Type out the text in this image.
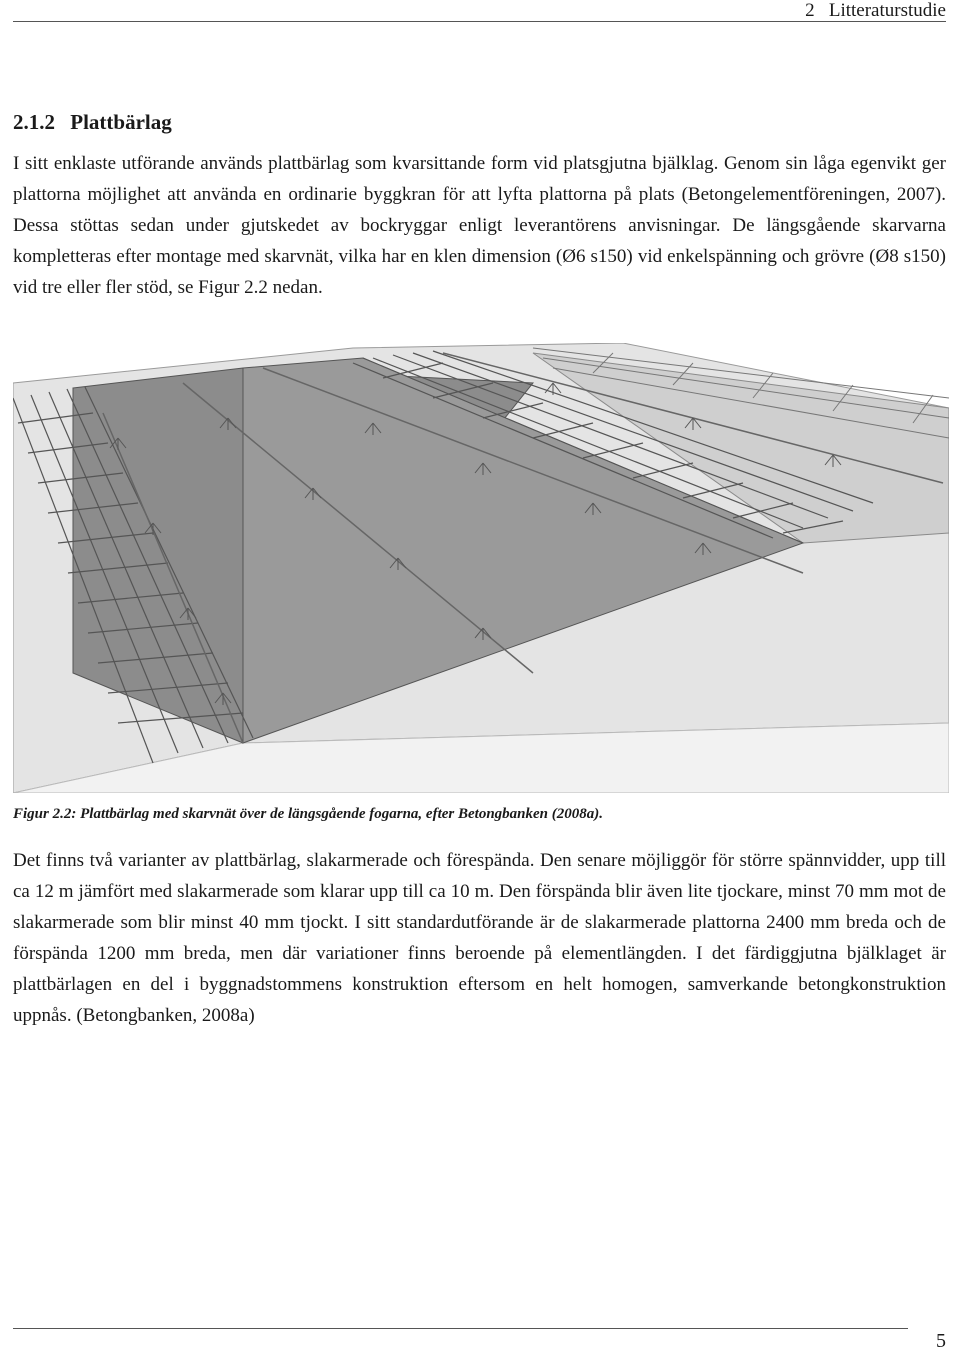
2 Litteraturstudie
2.1.2 Plattbärlag

I sitt enklaste utförande används plattbärlag som kvarsittande form vid platsgjutna bjälklag. Genom sin låga egenvikt ger plattorna möjlighet att använda en ordinarie byggkran för att lyfta plattorna på plats (Betongelementföreningen, 2007). Dessa stöttas sedan under gjutskedet av bockryggar enligt leverantörens anvisningar. De längsgående skarvarna kompletteras efter montage med skarvnät, vilka har en klen dimension (Ø6 s150) vid enkelspänning och grövre (Ø8 s150) vid tre eller fler stöd, se Figur 2.2 nedan.

Figur 2.2: Plattbärlag med skarvnät över de längsgående fogarna, efter Betongbanken (2008a).

Det finns två varianter av plattbärlag, slakarmerade och förespända. Den senare möjliggör för större spännvidder, upp till ca 12 m jämfört med slakarmerade som klarar upp till ca 10 m. Den förspända blir även lite tjockare, minst 70 mm mot de slakarmerade som blir minst 40 mm tjockt. I sitt standardutförande är de slakarmerade plattorna 2400 mm breda och de förspända 1200 mm breda, men där variationer finns beroende på elementlängden. I det färdiggjutna bjälklaget är plattbärlagen en del i byggnadstommens konstruktion eftersom en helt homogen, samverkande betongkonstruktion uppnås. (Betongbanken, 2008a)

5
